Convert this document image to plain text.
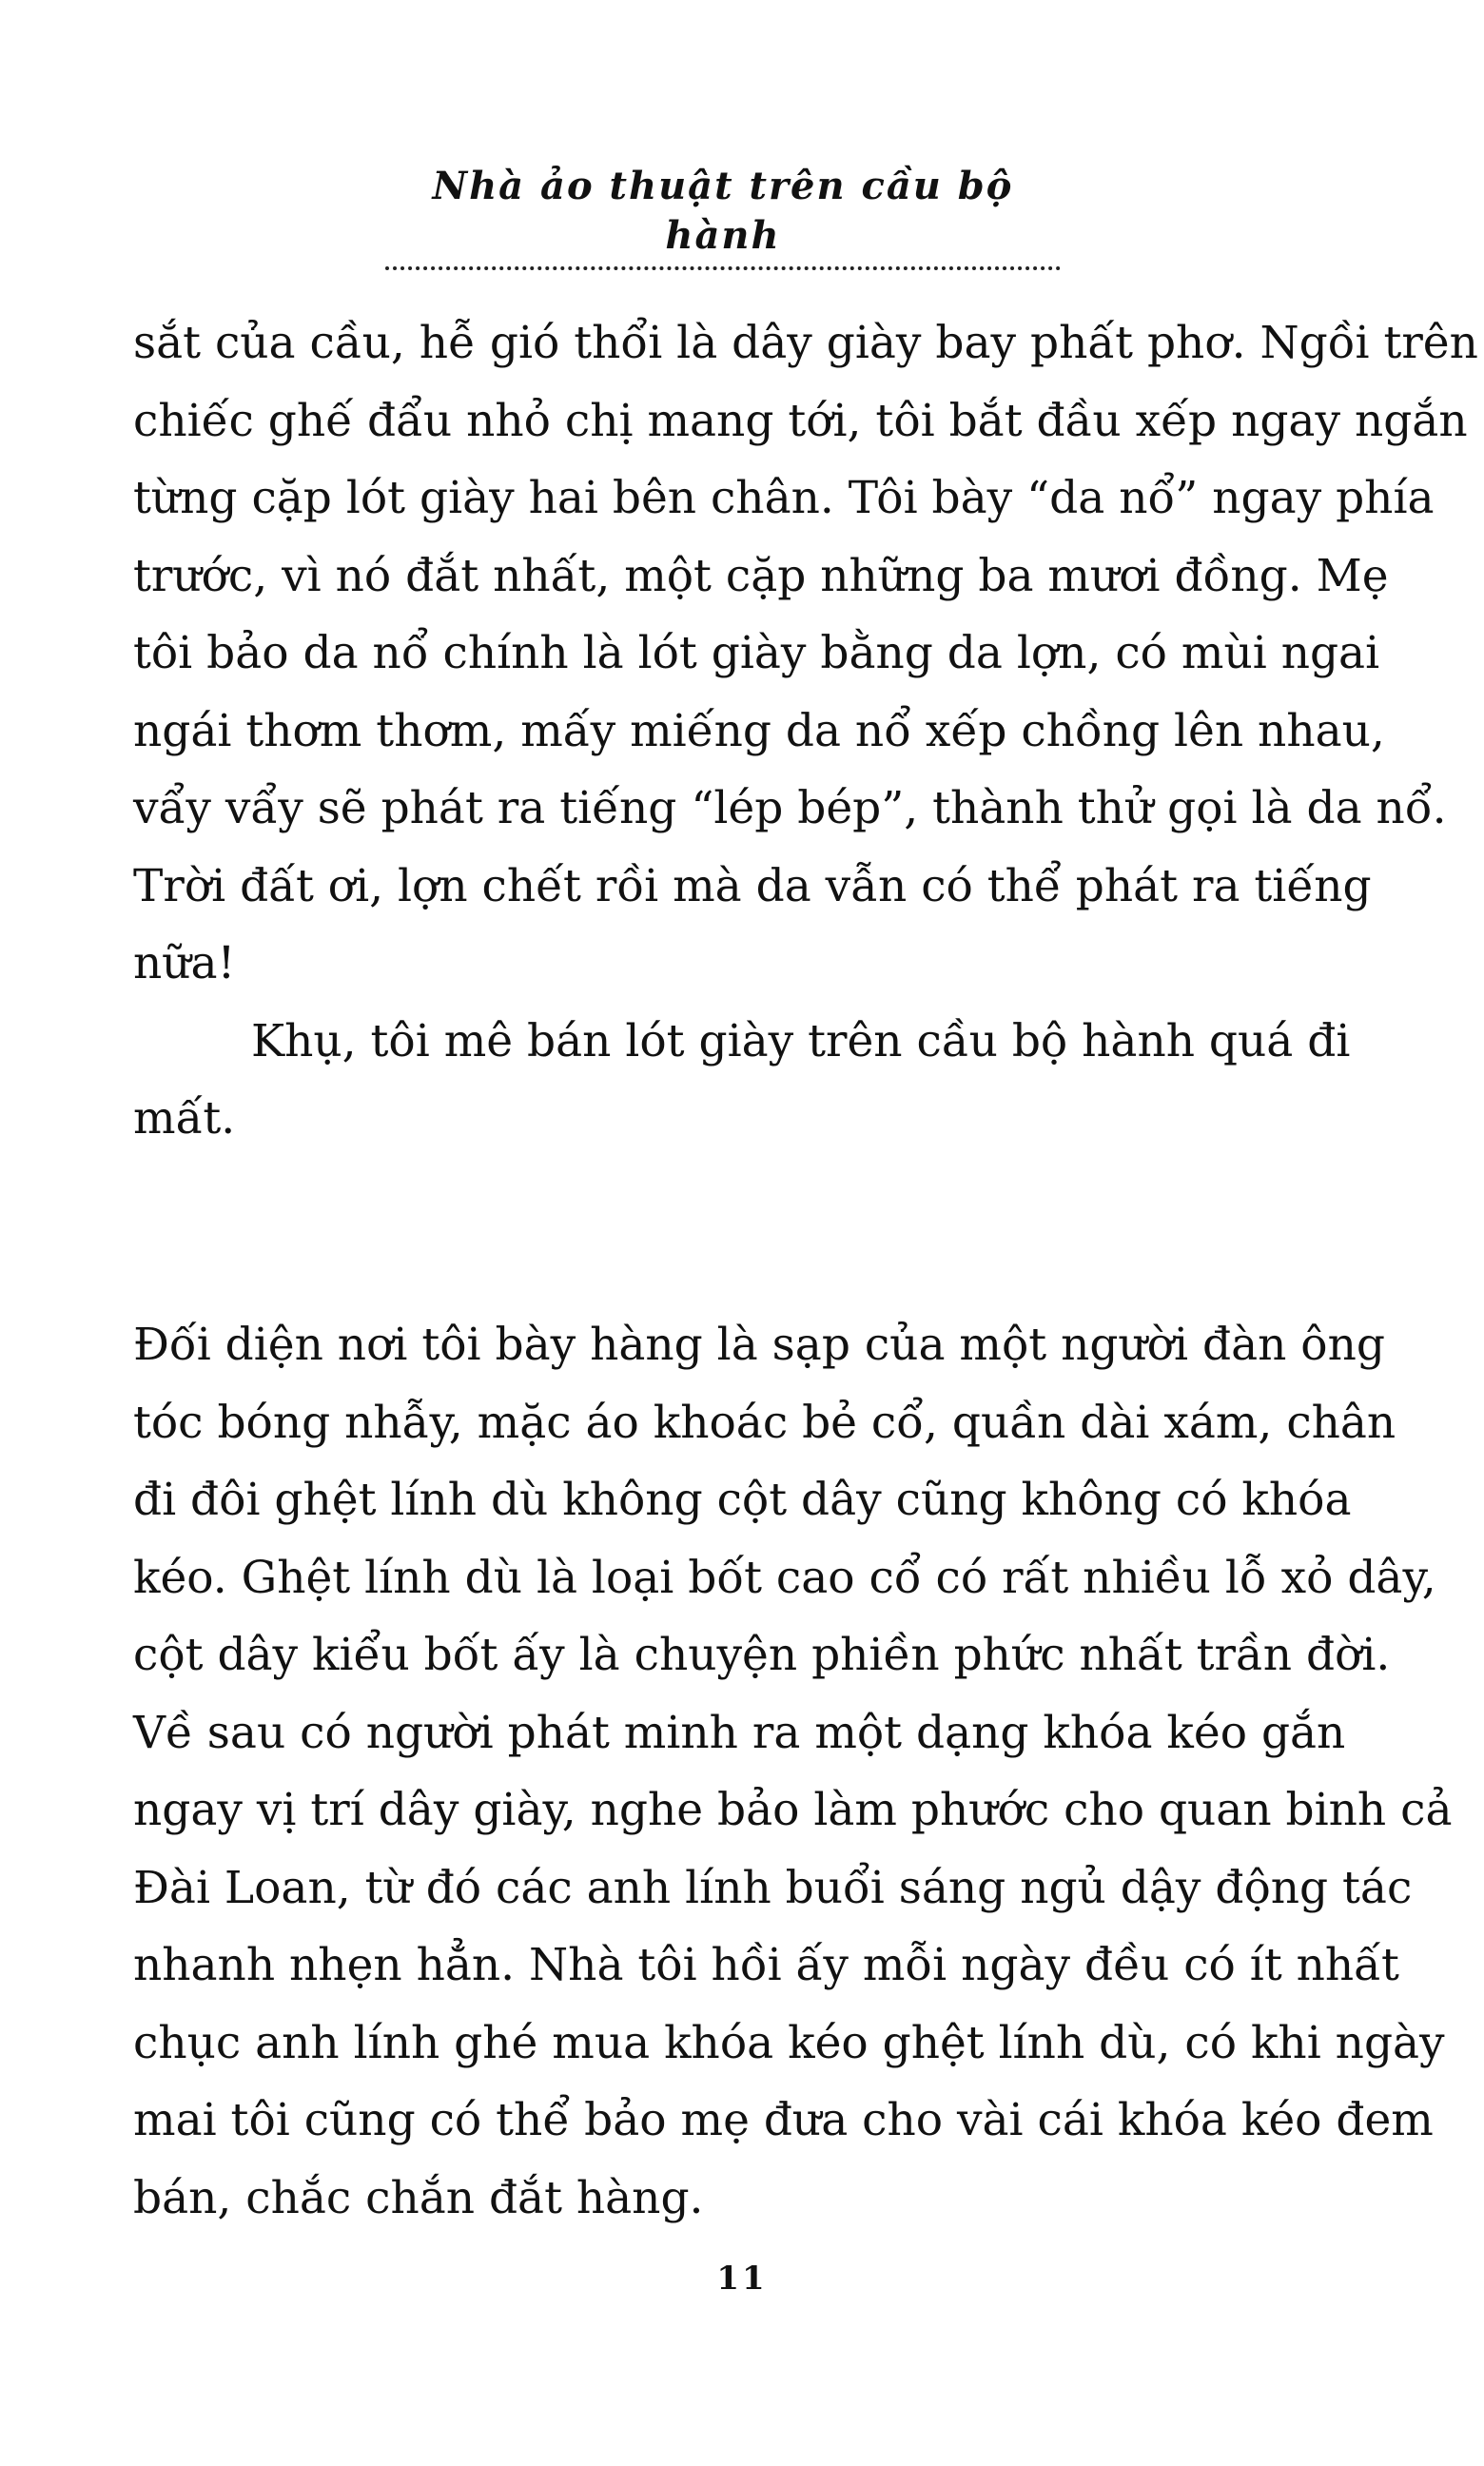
Nhà ảo thuật trên cầu bộ hành
sắt của cầu, hễ gió thổi là dây giày bay phất phơ. Ngồi trên
chiếc ghế đẩu nhỏ chị mang tới, tôi bắt đầu xếp ngay ngắn
từng cặp lót giày hai bên chân. Tôi bày “da nổ” ngay phía
trước, vì nó đắt nhất, một cặp những ba mươi đồng. Mẹ
tôi bảo da nổ chính là lót giày bằng da lợn, có mùi ngai
ngái thơm thơm, mấy miếng da nổ xếp chồng lên nhau,
vẩy vẩy sẽ phát ra tiếng “lép bép”, thành thử gọi là da nổ.
Trời đất ơi, lợn chết rồi mà da vẫn có thể phát ra tiếng
nữa!
Khụ, tôi mê bán lót giày trên cầu bộ hành quá đi
mất.
Đối diện nơi tôi bày hàng là sạp của một người đàn ông
tóc bóng nhẫy, mặc áo khoác bẻ cổ, quần dài xám, chân
đi đôi ghệt lính dù không cột dây cũng không có khóa
kéo. Ghệt lính dù là loại bốt cao cổ có rất nhiều lỗ xỏ dây,
cột dây kiểu bốt ấy là chuyện phiền phức nhất trần đời.
Về sau có người phát minh ra một dạng khóa kéo gắn
ngay vị trí dây giày, nghe bảo làm phước cho quan binh cả
Đài Loan, từ đó các anh lính buổi sáng ngủ dậy động tác
nhanh nhẹn hẳn. Nhà tôi hồi ấy mỗi ngày đều có ít nhất
chục anh lính ghé mua khóa kéo ghệt lính dù, có khi ngày
mai tôi cũng có thể bảo mẹ đưa cho vài cái khóa kéo đem
bán, chắc chắn đắt hàng.
11
